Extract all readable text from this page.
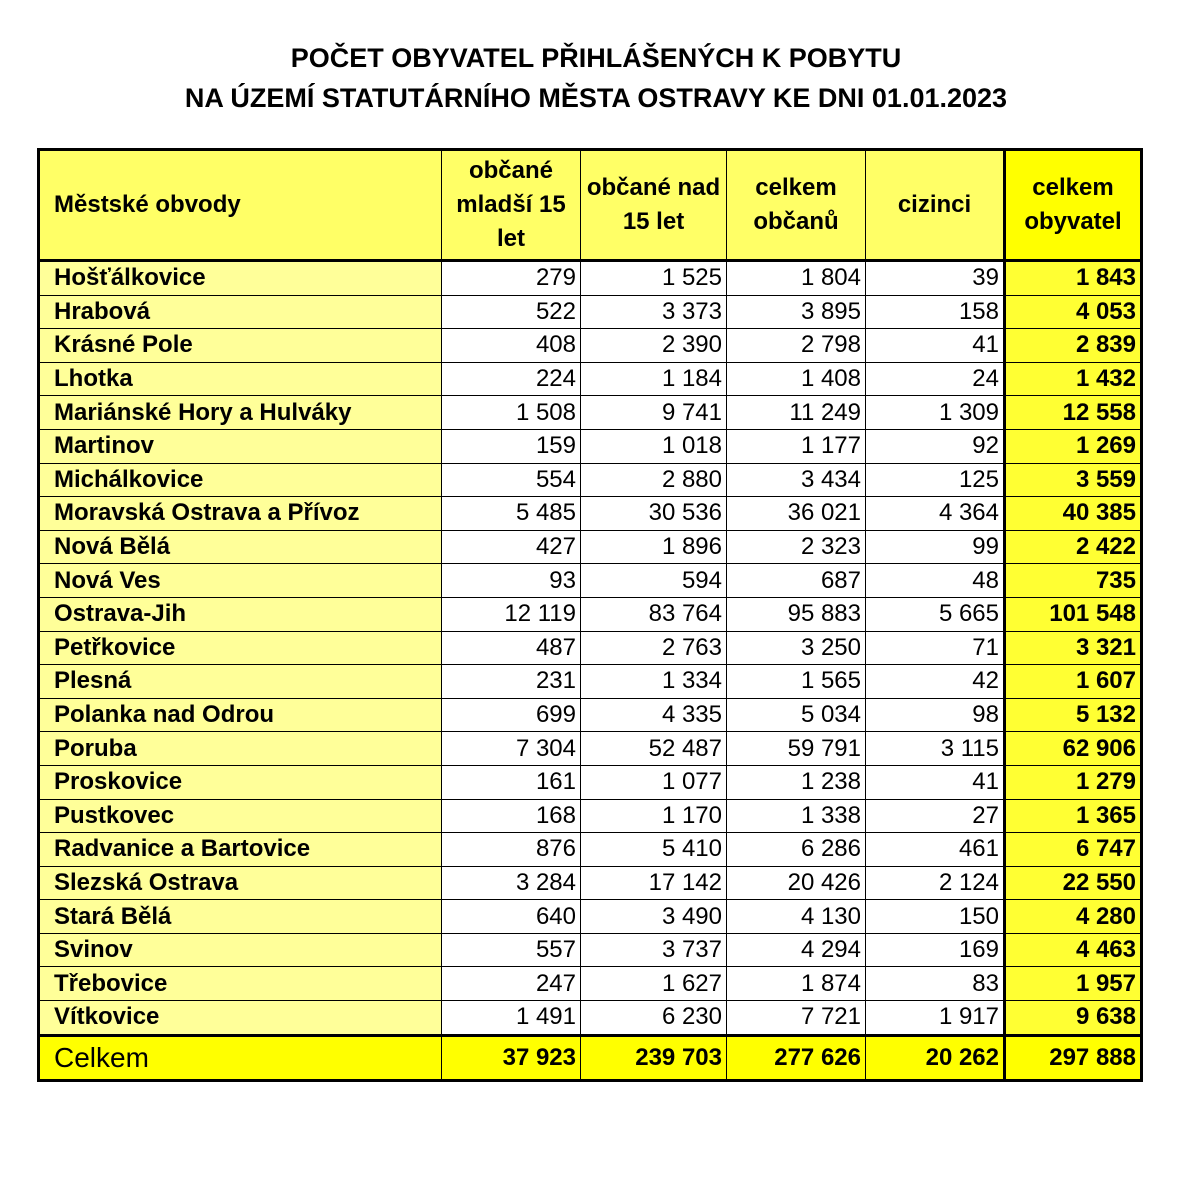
POČET OBYVATEL PŘIHLÁŠENÝCH K POBYTU
NA ÚZEMÍ STATUTÁRNÍHO MĚSTA OSTRAVY KE DNI 01.01.2023
Městské obvody	občané mladší 15 let	občané nad 15 let	celkem občanů	cizinci	celkem obyvatel
Hošťálkovice	279	1 525	1 804	39	1 843
Hrabová	522	3 373	3 895	158	4 053
Krásné Pole	408	2 390	2 798	41	2 839
Lhotka	224	1 184	1 408	24	1 432
Mariánské Hory a Hulváky	1 508	9 741	11 249	1 309	12 558
Martinov	159	1 018	1 177	92	1 269
Michálkovice	554	2 880	3 434	125	3 559
Moravská Ostrava a Přívoz	5 485	30 536	36 021	4 364	40 385
Nová Bělá	427	1 896	2 323	99	2 422
Nová Ves	93	594	687	48	735
Ostrava-Jih	12 119	83 764	95 883	5 665	101 548
Petřkovice	487	2 763	3 250	71	3 321
Plesná	231	1 334	1 565	42	1 607
Polanka nad Odrou	699	4 335	5 034	98	5 132
Poruba	7 304	52 487	59 791	3 115	62 906
Proskovice	161	1 077	1 238	41	1 279
Pustkovec	168	1 170	1 338	27	1 365
Radvanice a Bartovice	876	5 410	6 286	461	6 747
Slezská Ostrava	3 284	17 142	20 426	2 124	22 550
Stará Bělá	640	3 490	4 130	150	4 280
Svinov	557	3 737	4 294	169	4 463
Třebovice	247	1 627	1 874	83	1 957
Vítkovice	1 491	6 230	7 721	1 917	9 638
Celkem	37 923	239 703	277 626	20 262	297 888
